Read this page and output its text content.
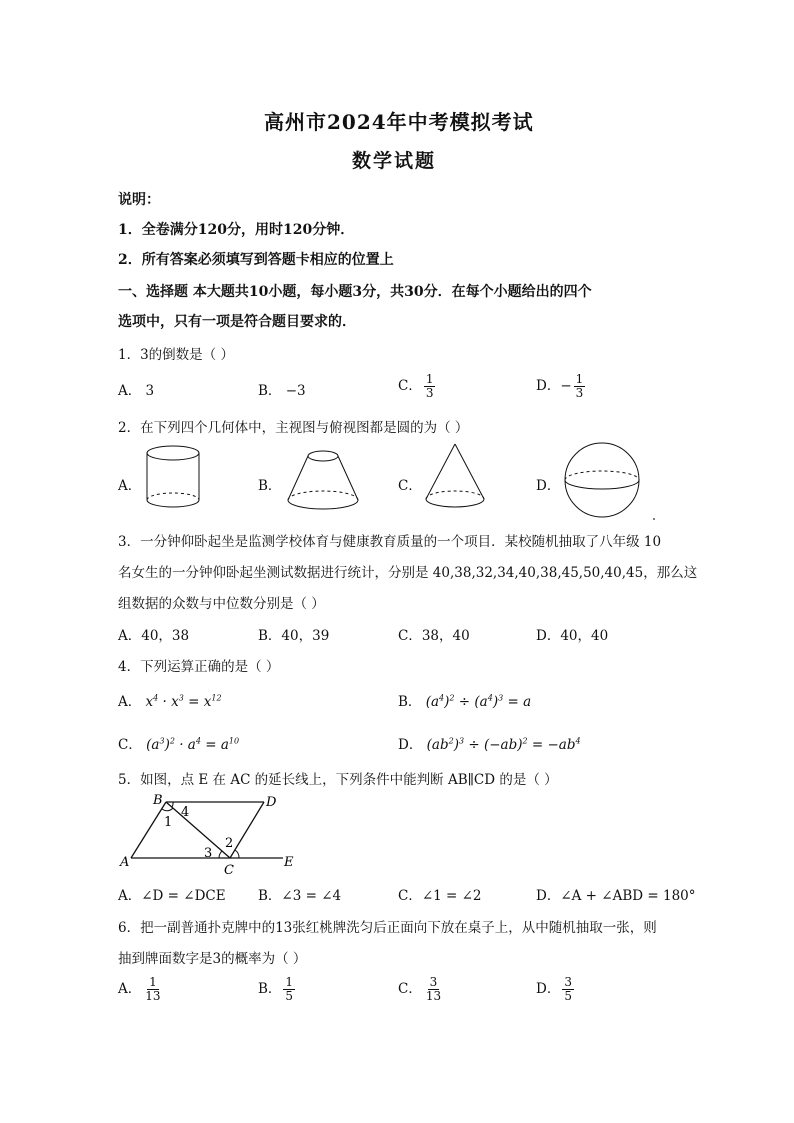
高州市2024年中考模拟考试
数学试题
说明：
1．全卷满分120分，用时120分钟．
2．所有答案必须填写到答题卡相应的位置上
一、选择题 本大题共10小题，每小题3分，共30分．在每个小题给出的四个
选项中，只有一项是符合题目要求的．
1．3的倒数是（ ）
A． 3	B． −3	C． $\frac{1}{3}$	D．− $\frac{1}{3}$
2．在下列四个几何体中，主视图与俯视图都是圆的为（ ）
A．	B．	C．	D．
3．一分钟仰卧起坐是监测学校体育与健康教育质量的一个项目．某校随机抽取了八年级 10
名女生的一分钟仰卧起坐测试数据进行统计，分别是 40,38,32,34,40,38,45,50,40,45，那么这
组数据的众数与中位数分别是（ ）
A．40，38	B．40，39	C．38，40	D．40，40
4．下列运算正确的是（ ）
A． $x^4 \cdot x^3 = x^{12}$	B． $(a^4)^2 \div (a^4)^3 = a$
C． $(a^3)^2 \cdot a^4 = a^{10}$	D． $(ab^2)^3 \div (-ab)^2 = -ab^4$
5．如图，点 E 在 AC 的延长线上，下列条件中能判断 AB∥CD 的是（ ）
B	D
A
C
E
1
4
2
3
A．∠D = ∠DCE B．∠3 = ∠4	C．∠1 = ∠2	D．∠A + ∠ABD = 180°
6．把一副普通扑克牌中的13张红桃牌洗匀后正面向下放在桌子上，从中随机抽取一张，则
抽到牌面数字是3的概率为（ ）
A． $\frac{1}{13}$	B． $\frac{1}{5}$	C． $\frac{3}{13}$	D． $\frac{3}{5}$
